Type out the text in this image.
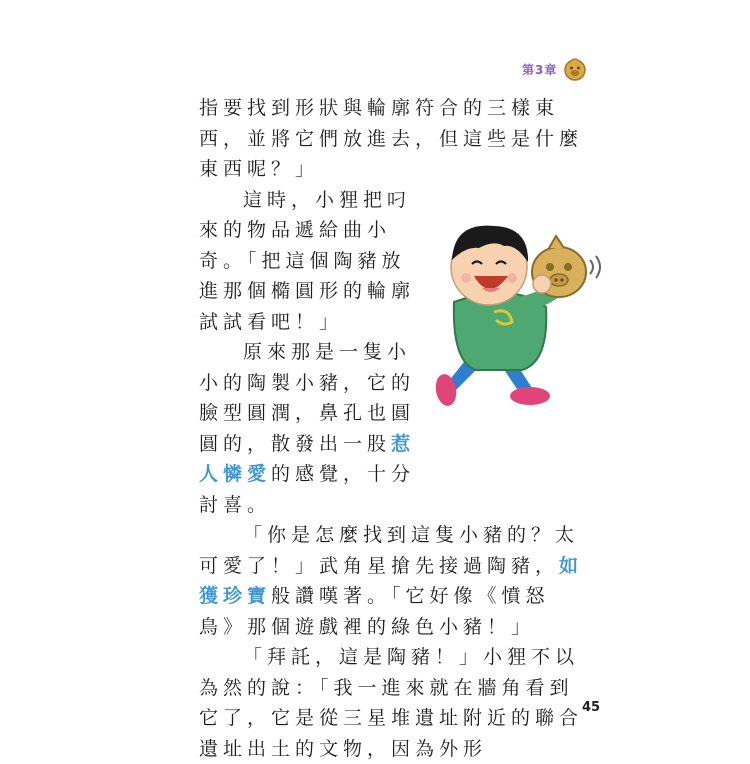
第3章

指要找到形狀與輪廓符合的三樣東西，並將它們放進去，但這些是什麼東西呢？」

這時，小狸把叼來的物品遞給曲小奇。「把這個陶豬放進那個橢圓形的輪廓試試看吧！」

原來那是一隻小小的陶製小豬，它的臉型圓潤，鼻孔也圓圓的，散發出一股惹人憐愛的感覺，十分討喜。

「你是怎麼找到這隻小豬的？太可愛了！」武角星搶先接過陶豬，如獲珍寶般讚嘆著。「它好像《憤怒鳥》那個遊戲裡的綠色小豬！」

「拜託，這是陶豬！」小狸不以為然的說：「我一進來就在牆角看到它了，它是從三星堆遺址附近的聯合遺址出土的文物，因為外形

45
